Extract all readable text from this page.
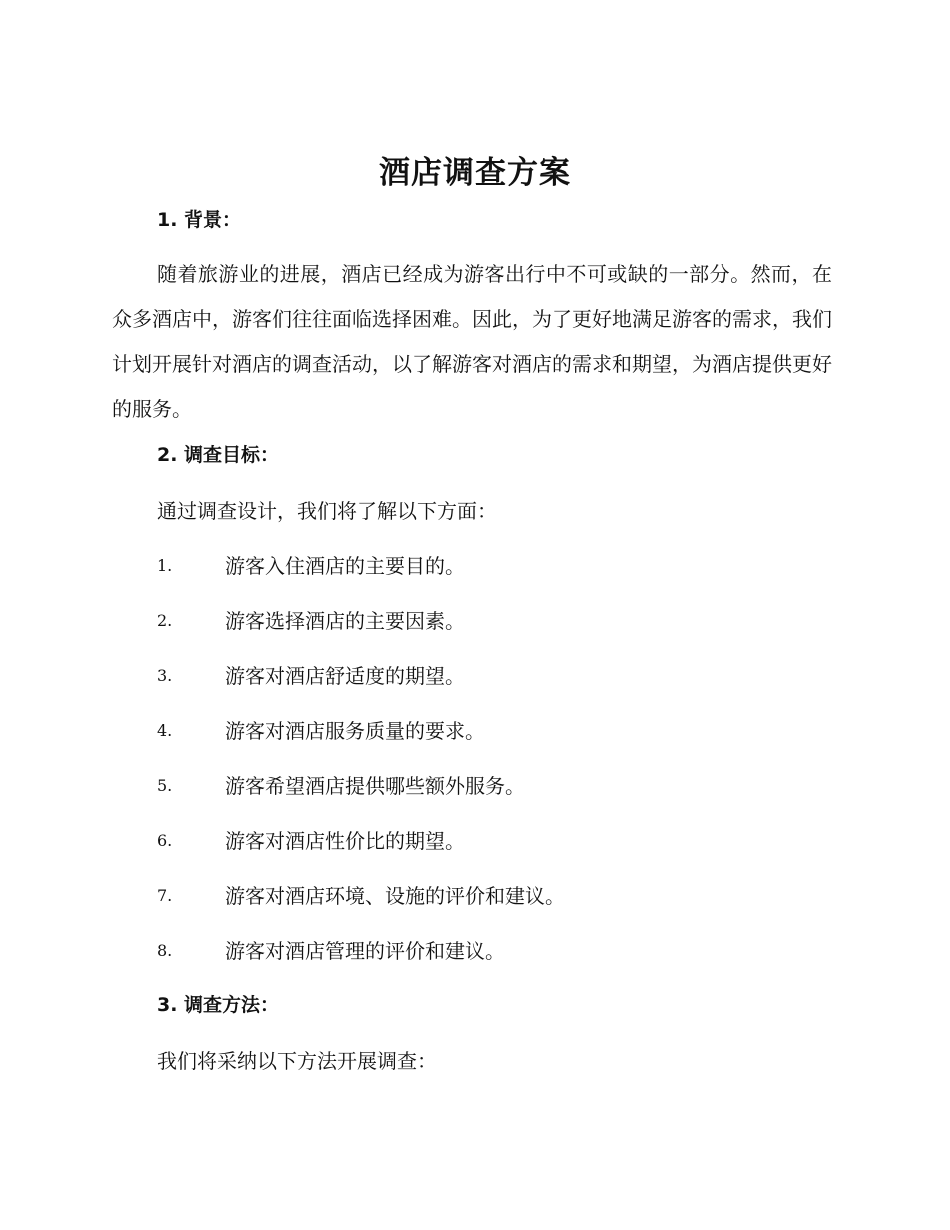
酒店调查方案
1. 背景：

随着旅游业的进展，酒店已经成为游客出行中不可或缺的一部分。然而，在众多酒店中，游客们往往面临选择困难。因此，为了更好地满足游客的需求，我们计划开展针对酒店的调查活动，以了解游客对酒店的需求和期望，为酒店提供更好的服务。

2. 调查目标：

通过调查设计，我们将了解以下方面：

1.	游客入住酒店的主要目的。
2.	游客选择酒店的主要因素。
3.	游客对酒店舒适度的期望。
4.	游客对酒店服务质量的要求。
5.	游客希望酒店提供哪些额外服务。
6.	游客对酒店性价比的期望。
7.	游客对酒店环境、设施的评价和建议。
8.	游客对酒店管理的评价和建议。
3. 调查方法：

我们将采纳以下方法开展调查：
